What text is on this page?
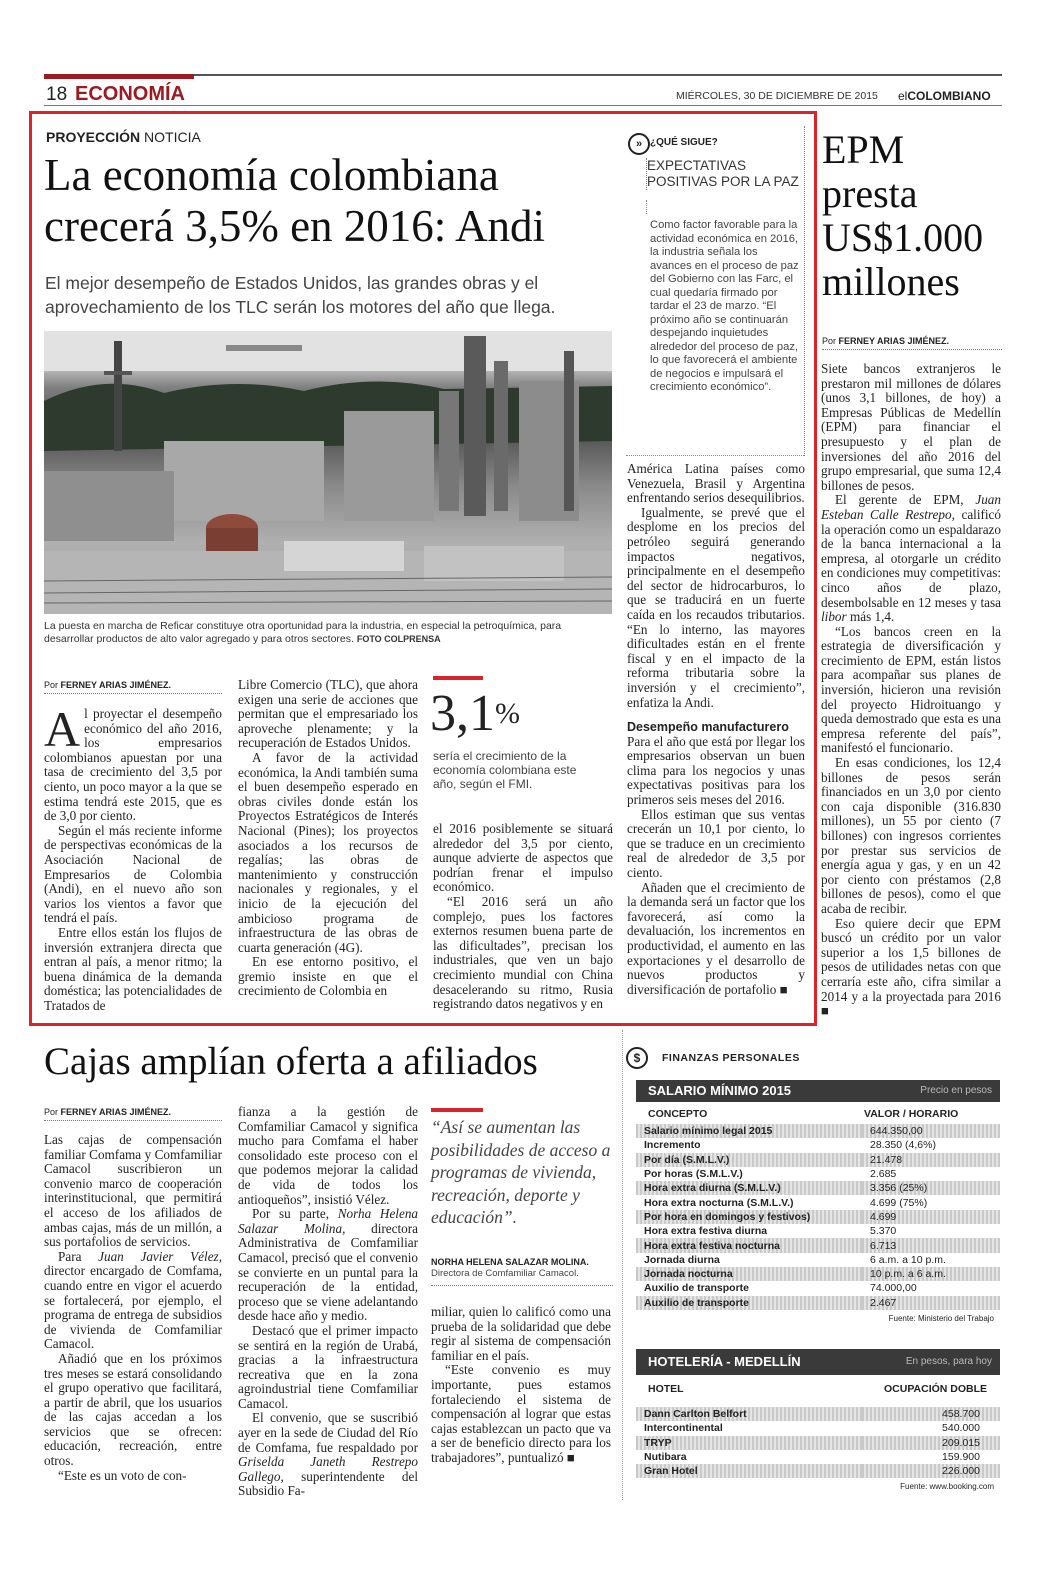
18 ECONOMÍA	MIÉRCOLES, 30 DE DICIEMBRE DE 2015 elCOLOMBIANO
PROYECCIÓN NOTICIA
La economía colombiana
crecerá 3,5% en 2016: Andi
El mejor desempeño de Estados Unidos, las grandes obras y el aprovechamiento de los TLC serán los motores del año que llega.
La puesta en marcha de Reficar constituye otra oportunidad para la industria, en especial la petroquímica, para desarrollar productos de alto valor agregado y para otros sectores. FOTO COLPRENSA
Por FERNEY ARIAS JIMÉNEZ.

Al proyectar el desempeño económico del año 2016, los empresarios colombianos apuestan por una tasa de crecimiento del 3,5 por ciento, un poco mayor a la que se estima tendrá este 2015, que es de 3,0 por ciento.

Según el más reciente informe de perspectivas económicas de la Asociación Nacional de Empresarios de Colombia (Andi), en el nuevo año son varios los vientos a favor que tendrá el país.

Entre ellos están los flujos de inversión extranjera directa que entran al país, a menor ritmo; la buena dinámica de la demanda doméstica; las potencialidades de Tratados de

Libre Comercio (TLC), que ahora exigen una serie de acciones que permitan que el empresariado los aproveche plenamente; y la recuperación de Estados Unidos.

A favor de la actividad económica, la Andi también suma el buen desempeño esperado en obras civiles donde están los Proyectos Estratégicos de Interés Nacional (Pines); los proyectos asociados a los recursos de regalías; las obras de mantenimiento y construcción nacionales y regionales, y el inicio de la ejecución del ambicioso programa de infraestructura de las obras de cuarta generación (4G).

En ese entorno positivo, el gremio insiste en que el crecimiento de Colombia en

3,1%
sería el crecimiento de la economía colombiana este año, según el FMI.

el 2016 posiblemente se situará alrededor del 3,5 por ciento, aunque advierte de aspectos que podrían frenar el impulso económico.

“El 2016 será un año complejo, pues los factores externos resumen buena parte de las dificultades”, precisan los industriales, que ven un bajo crecimiento mundial con China desacelerando su ritmo, Rusia registrando datos negativos y en

» ¿QUÉ SIGUE?
EXPECTATIVAS POSITIVAS POR LA PAZ
Como factor favorable para la actividad económica en 2016, la industria señala los avances en el proceso de paz del Gobierno con las Farc, el cual quedaría firmado por tardar el 23 de marzo. “El próximo año se continuarán despejando inquietudes alrededor del proceso de paz, lo que favorecerá el ambiente de negocios e impulsará el crecimiento económico”.

América Latina países como Venezuela, Brasil y Argentina enfrentando serios desequilibrios.

Igualmente, se prevé que el desplome en los precios del petróleo seguirá generando impactos negativos, principalmente en el desempeño del sector de hidrocarburos, lo que se traducirá en un fuerte caída en los recaudos tributarios. “En lo interno, las mayores dificultades están en el frente fiscal y en el impacto de la reforma tributaria sobre la inversión y el crecimiento”, enfatiza la Andi.

Desempeño manufacturero

Para el año que está por llegar los empresarios observan un buen clima para los negocios y unas expectativas positivas para los primeros seis meses del 2016.

Ellos estiman que sus ventas crecerán un 10,1 por ciento, lo que se traduce en un crecimiento real de alrededor de 3,5 por ciento.

Añaden que el crecimiento de la demanda será un factor que los favorecerá, así como la devaluación, los incrementos en productividad, el aumento en las exportaciones y el desarrollo de nuevos productos y diversificación de portafolio ■

EPM presta US$1.000 millones
Por FERNEY ARIAS JIMÉNEZ.

Siete bancos extranjeros le prestaron mil millones de dólares (unos 3,1 billones, de hoy) a Empresas Públicas de Medellín (EPM) para financiar el presupuesto y el plan de inversiones del año 2016 del grupo empresarial, que suma 12,4 billones de pesos.

El gerente de EPM, Juan Esteban Calle Restrepo, calificó la operación como un espaldarazo de la banca internacional a la empresa, al otorgarle un crédito en condiciones muy competitivas: cinco años de plazo, desembolsable en 12 meses y tasa libor más 1,4.

“Los bancos creen en la estrategia de diversificación y crecimiento de EPM, están listos para acompañar sus planes de inversión, hicieron una revisión del proyecto Hidroituango y queda demostrado que esta es una empresa referente del país”, manifestó el funcionario.

En esas condiciones, los 12,4 billones de pesos serán financiados en un 3,0 por ciento con caja disponible (316.830 millones), un 55 por ciento (7 billones) con ingresos corrientes por prestar sus servicios de energía agua y gas, y en un 42 por ciento con préstamos (2,8 billones de pesos), como el que acaba de recibir.

Eso quiere decir que EPM buscó un crédito por un valor superior a los 1,5 billones de pesos de utilidades netas con que cerraría este año, cifra similar a 2014 y a la proyectada para 2016 ■

Cajas amplían oferta a afiliados
Por FERNEY ARIAS JIMÉNEZ.

Las cajas de compensación familiar Comfama y Comfamiliar Camacol suscribieron un convenio marco de cooperación interinstitucional, que permitirá el acceso de los afiliados de ambas cajas, más de un millón, a sus portafolios de servicios.

Para Juan Javier Vélez, director encargado de Comfama, cuando entre en vigor el acuerdo se fortalecerá, por ejemplo, el programa de entrega de subsidios de vivienda de Comfamiliar Camacol.

Añadió que en los próximos tres meses se estará consolidando el grupo operativo que facilitará, a partir de abril, que los usuarios de las cajas accedan a los servicios que se ofrecen: educación, recreación, entre otros.

“Este es un voto de con-

fianza a la gestión de Comfamiliar Camacol y significa mucho para Comfama el haber consolidado este proceso con el que podemos mejorar la calidad de vida de todos los antioqueños”, insistió Vélez.

Por su parte, Norha Helena Salazar Molina, directora Administrativa de Comfamiliar Camacol, precisó que el convenio se convierte en un puntal para la recuperación de la entidad, proceso que se viene adelantando desde hace año y medio.

Destacó que el primer impacto se sentirá en la región de Urabá, gracias a la infraestructura recreativa que en la zona agroindustrial tiene Comfamiliar Camacol.

El convenio, que se suscribió ayer en la sede de Ciudad del Río de Comfama, fue respaldado por Griselda Janeth Restrepo Gallego, superintendente del Subsidio Fa-

“Así se aumentan las posibilidades de acceso a programas de vivienda, recreación, deporte y educación”.
NORHA HELENA SALAZAR MOLINA.
Directora de Comfamiliar Camacol.

miliar, quien lo calificó como una prueba de la solidaridad que debe regir al sistema de compensación familiar en el país.

“Este convenio es muy importante, pues estamos fortaleciendo el sistema de compensación al lograr que estas cajas establezcan un pacto que va a ser de beneficio directo para los trabajadores”, puntualizó ■

$	FINANZAS PERSONALES
SALARIO MÍNIMO 2015	Precio en pesos
CONCEPTO	VALOR / HORARIO
Salario mínimo legal 2015	644.350,00
Incremento	28.350 (4,6%)
Por día (S.M.L.V.)	21.478
Por horas (S.M.L.V.)	2.685
Hora extra diurna (S.M.L.V.)	3.356 (25%)
Hora extra nocturna (S.M.L.V.)	4.699 (75%)
Por hora en domingos y festivos)	4.699
Hora extra festiva diurna	5.370
Hora extra festiva nocturna	6.713
Jornada diurna	6 a.m. a 10 p.m.
Jornada nocturna	10 p.m. a 6 a.m.
Auxilio de transporte	74.000,00
Auxilio de transporte	2.467
Fuente: Ministerio del Trabajo
HOTELERÍA - MEDELLÍN	En pesos, para hoy
HOTEL	OCUPACIÓN DOBLE
Dann Carlton Belfort	458.700
Intercontinental	540.000
TRYP	209.015
Nutibara	159.900
Gran Hotel	226.000
Fuente: www.booking.com
